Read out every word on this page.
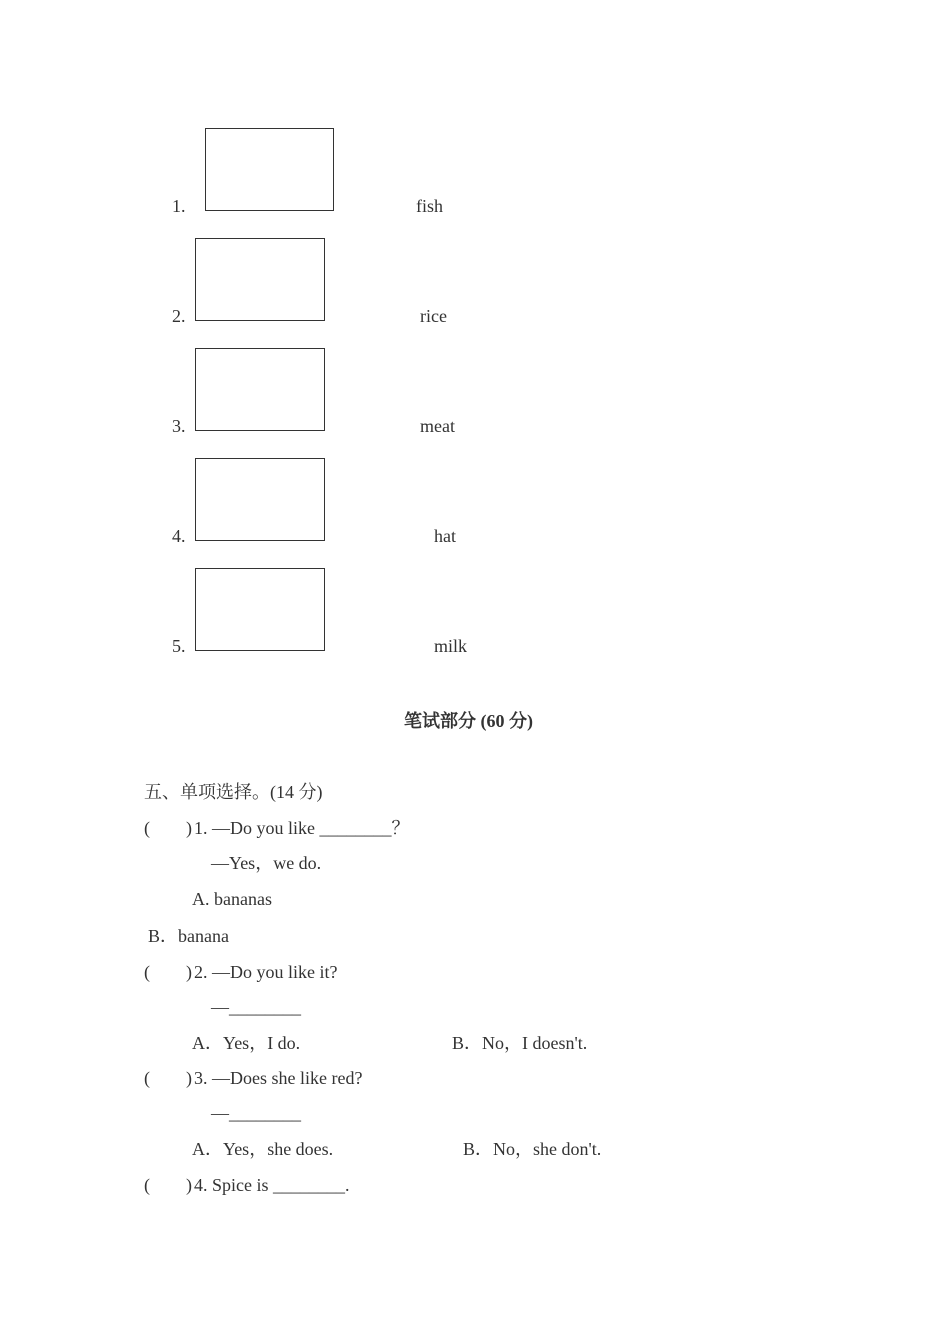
1.	fish
2.	rice
3.	meat
4.	hat
5.	milk
笔试部分 (60 分)
五、单项选择。(14 分)
(        ) 1. —Do you like ________？
—Yes，we do.
A. bananas
B．banana
(        ) 2. —Do you like it?
—________
A．Yes，I do.	B．No，I doesn't.
(        ) 3. —Does she like red?
—________
A．Yes，she does.	B．No，she don't.
(        ) 4. Spice is ________.
